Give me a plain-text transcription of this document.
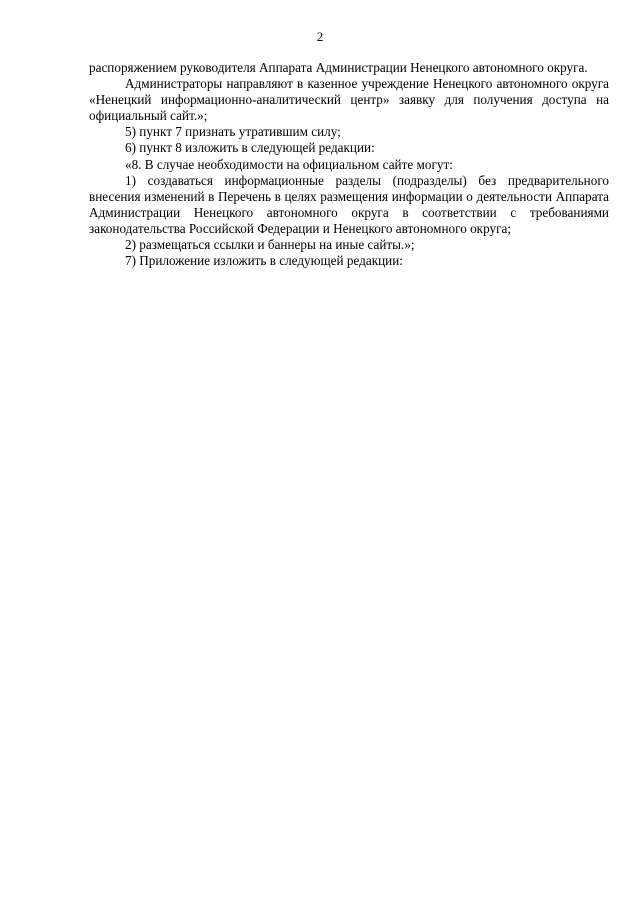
2

распоряжением руководителя Аппарата Администрации Ненецкого автономного округа.

Администраторы направляют в казенное учреждение Ненецкого автономного округа «Ненецкий информационно-аналитический центр» заявку для получения доступа на официальный сайт.»;

5) пункт 7 признать утратившим силу;

6) пункт 8 изложить в следующей редакции:

«8. В случае необходимости на официальном сайте могут:

1) создаваться информационные разделы (подразделы) без предварительного внесения изменений в Перечень в целях размещения информации о деятельности Аппарата Администрации Ненецкого автономного округа в соответствии с требованиями законодательства Российской Федерации и Ненецкого автономного округа;

2) размещаться ссылки и баннеры на иные сайты.»;

7) Приложение изложить в следующей редакции:
